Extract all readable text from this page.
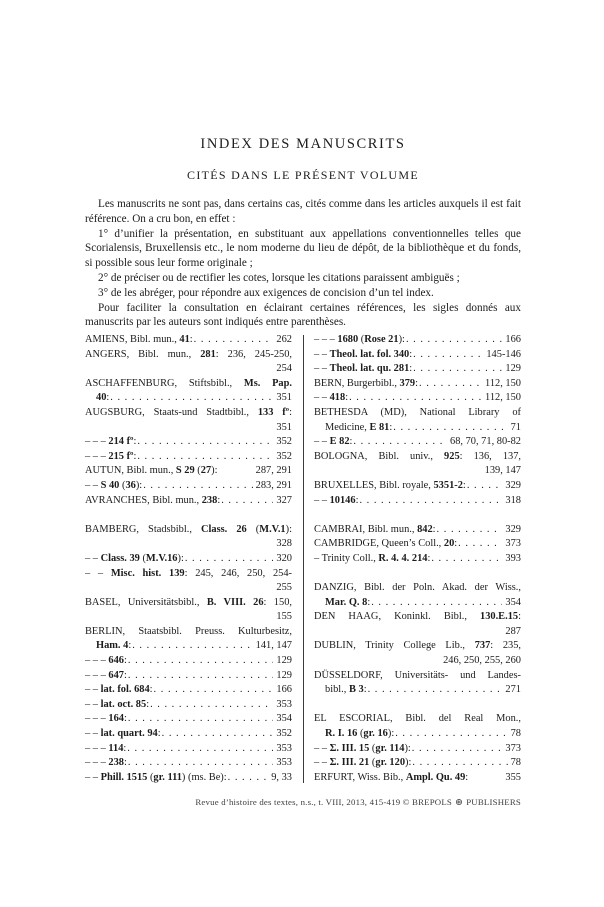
INDEX DES MANUSCRITS
CITÉS DANS LE PRÉSENT VOLUME

Les manuscrits ne sont pas, dans certains cas, cités comme dans les articles auxquels il est fait référence. On a cru bon, en effet :

1° d’unifier la présentation, en substituant aux appellations conventionnelles telles que Scorialensis, Bruxellensis etc., le nom moderne du lieu de dépôt, de la bibliothèque et du fonds, si possible sous leur forme originale ;

2° de préciser ou de rectifier les cotes, lorsque les citations paraissent ambiguës ;

3° de les abréger, pour répondre aux exigences de concision d’un tel index.

Pour faciliter la consultation en éclairant certaines références, les sigles donnés aux manuscrits par les auteurs sont indiqués entre parenthèses.

AMIENS, Bibl. mun., 41: . . .	262
ANGERS, Bibl. mun., 281: 236, 245-250,
254
ASCHAFFENBURG, Stiftsbibl., Ms. Pap.
40: . . .	351
AUGSBURG, Staats-und Stadtbibl., 133 fº:
351
– – – 214 fº: . . .	352
– – – 215 fº: . . .	352
AUTUN, Bibl. mun., S 29 (27):	287, 291
– – S 40 (36): . . .	283, 291
AVRANCHES, Bibl. mun., 238: . . .	327

BAMBERG, Stadsbibl., Class. 26 (M.V.1):
328
– – Class. 39 (M.V.16): . . .	320
– – Misc. hist. 139: 245, 246, 250, 254-
255
BASEL, Universitätsbibl., B. VIII. 26: 150,
155
BERLIN, Staatsbibl. Preuss. Kulturbesitz,
Ham. 4: . . .	141, 147
– – – 646: . . .	129
– – – 647: . . .	129
– – lat. fol. 684: . . .	166
– – lat. oct. 85: . . .	353
– – – 164: . . .	354
– – lat. quart. 94: . . .	352
– – – 114: . . .	353
– – – 238: . . .	353
– – Phill. 1515 (gr. 111) (ms. Be): . . .	9, 33
– – – 1680 (Rose 21): . . .	166
– – Theol. lat. fol. 340: . . .	145-146
– – Theol. lat. qu. 281: . . .	129
BERN, Burgerbibl., 379: . . .	112, 150
– – 418: . . .	112, 150
BETHESDA (MD), National Library of
Medicine, E 81: . . .	71
– – E 82: . . .	68, 70, 71, 80-82
BOLOGNA, Bibl. univ., 925: 136, 137,
139, 147
BRUXELLES, Bibl. royale, 5351-2: . . .	329
– – 10146: . . .	318

CAMBRAI, Bibl. mun., 842: . . .	329
CAMBRIDGE, Queen’s Coll., 20: . . .	373
– Trinity Coll., R. 4. 4. 214: . . .	393

DANZIG, Bibl. der Poln. Akad. der Wiss.,
Mar. Q. 8: . . .	354
DEN HAAG, Koninkl. Bibl., 130.E.15:
287
DUBLIN, Trinity College Lib., 737: 235,
246, 250, 255, 260
DÜSSELDORF, Universitäts- und Landes-
bibl., B 3: . . .	271

EL ESCORIAL, Bibl. del Real Mon.,
R. I. 16 (gr. 16): . . .	78
– – Σ. III. 15 (gr. 114): . . .	373
– – Σ. III. 21 (gr. 120): . . .	78
ERFURT, Wiss. Bib., Ampl. Qu. 49:	355
Revue d’histoire des textes, n.s., t. VIII, 2013, 415-419 © BREPOLS ⊛ PUBLISHERS
